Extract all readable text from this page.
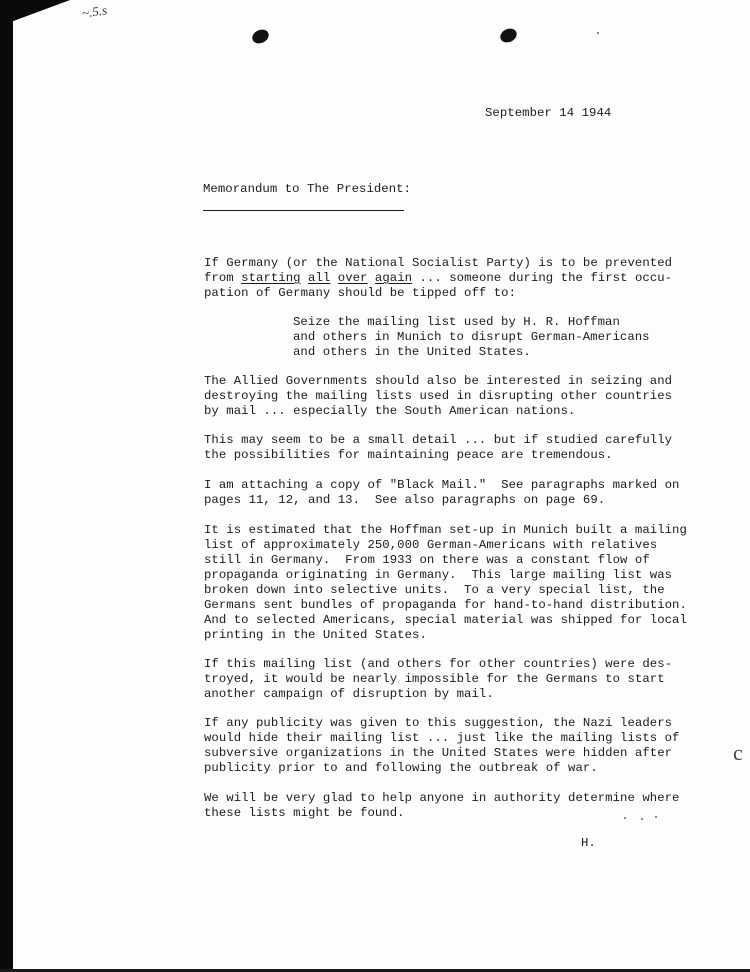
~.5.s
c
September 14 1944
Memorandum to The President:
If Germany (or the National Socialist Party) is to be prevented
from starting all over again ... someone during the first occu-
pation of Germany should be tipped off to:
Seize the mailing list used by H. R. Hoffman
and others in Munich to disrupt German-Americans
and others in the United States.
The Allied Governments should also be interested in seizing and
destroying the mailing lists used in disrupting other countries
by mail ... especially the South American nations.
This may seem to be a small detail ... but if studied carefully
the possibilities for maintaining peace are tremendous.
I am attaching a copy of "Black Mail."  See paragraphs marked on
pages 11, 12, and 13.  See also paragraphs on page 69.
It is estimated that the Hoffman set-up in Munich built a mailing
list of approximately 250,000 German-Americans with relatives
still in Germany.  From 1933 on there was a constant flow of
propaganda originating in Germany.  This large mailing list was
broken down into selective units.  To a very special list, the
Germans sent bundles of propaganda for hand-to-hand distribution.
And to selected Americans, special material was shipped for local
printing in the United States.
If this mailing list (and others for other countries) were des-
troyed, it would be nearly impossible for the Germans to start
another campaign of disruption by mail.
If any publicity was given to this suggestion, the Nazi leaders
would hide their mailing list ... just like the mailing lists of
subversive organizations in the United States were hidden after
publicity prior to and following the outbreak of war.
We will be very glad to help anyone in authority determine where
these lists might be found.
H.
